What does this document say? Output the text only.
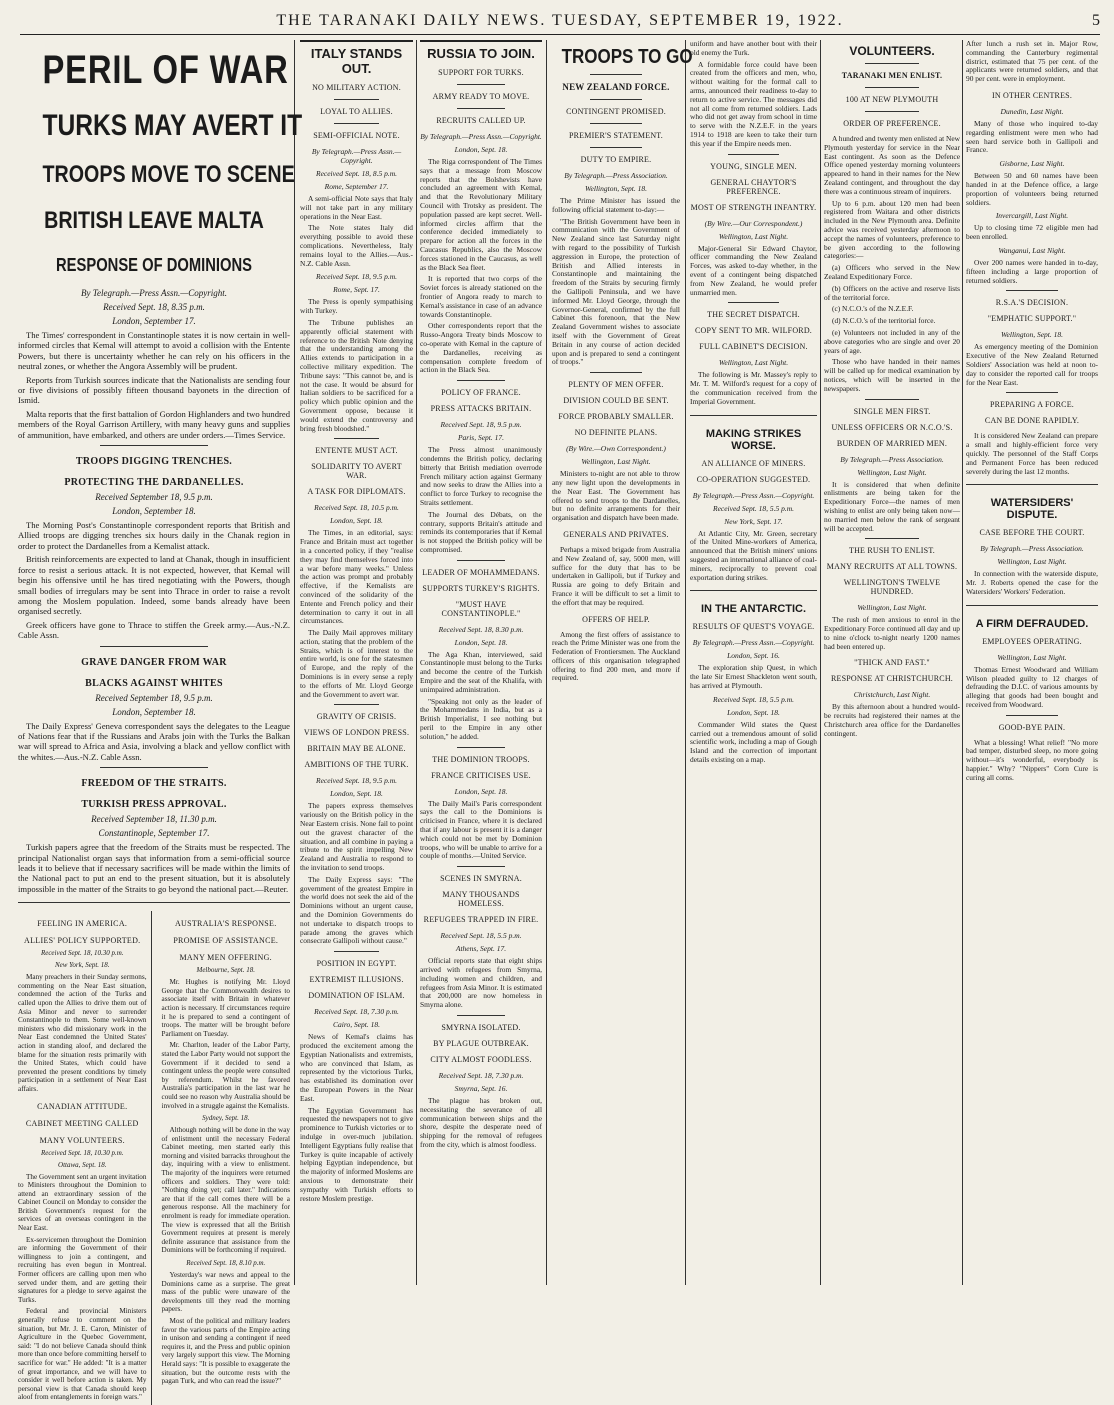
THE TARANAKI DAILY NEWS. TUESDAY, SEPTEMBER 19, 1922.	5
PERIL OF WAR
TURKS MAY AVERT IT
TROOPS MOVE TO SCENE
BRITISH LEAVE MALTA
RESPONSE OF DOMINIONS
By Telegraph.—Press Assn.—Copyright.
Received Sept. 18, 8.35 p.m.
London, September 17.

The Times' correspondent in Constantinople states it is now certain in well-informed circles that Kemal will attempt to avoid a collision with the Entente Powers, but there is uncertainty whether he can rely on his officers in the neutral zones, or whether the Angora Assembly will be prudent.

Reports from Turkish sources indicate that the Nationalists are sending four or five divisions of possibly fifteen thousand bayonets in the direction of Ismid.

Malta reports that the first battalion of Gordon Highlanders and two hundred members of the Royal Garrison Artillery, with many heavy guns and supplies of ammunition, have embarked, and others are under orders.—Times Service.

TROOPS DIGGING TRENCHES.
PROTECTING THE DARDANELLES.
Received September 18, 9.5 p.m.
London, September 18.

The Morning Post's Constantinople correspondent reports that British and Allied troops are digging trenches six hours daily in the Chanak region in order to protect the Dardanelles from a Kemalist attack.

British reinforcements are expected to land at Chanak, though in insufficient force to resist a serious attack. It is not expected, however, that Kemal will begin his offensive until he has tired negotiating with the Powers, though small bodies of irregulars may be sent into Thrace in order to raise a revolt among the Moslem population. Indeed, some bands already have been organised secretly.

Greek officers have gone to Thrace to stiffen the Greek army.—Aus.-N.Z. Cable Assn.

GRAVE DANGER FROM WAR
BLACKS AGAINST WHITES
Received September 18, 9.5 p.m.
London, September 18.

The Daily Express' Geneva correspondent says the delegates to the League of Nations fear that if the Russians and Arabs join with the Turks the Balkan war will spread to Africa and Asia, involving a black and yellow conflict with the whites.—Aus.-N.Z. Cable Assn.

FREEDOM OF THE STRAITS.
TURKISH PRESS APPROVAL.
Received September 18, 11.30 p.m.
Constantinople, September 17.

Turkish papers agree that the freedom of the Straits must be respected. The principal Nationalist organ says that information from a semi-official source leads it to believe that if necessary sacrifices will be made within the limits of the National pact to put an end to the present situation, but it is absolutely impossible in the matter of the Straits to go beyond the national pact.—Reuter.

FEELING IN AMERICA.
ALLIES' POLICY SUPPORTED.
Received Sept. 18, 10.30 p.m.
New York, Sept. 18.

Many preachers in their Sunday sermons, commenting on the Near East situation, condemned the action of the Turks and called upon the Allies to drive them out of Asia Minor and never to surrender Constantinople to them. Some well-known ministers who did missionary work in the Near East condemned the United States' action in standing aloof, and declared the blame for the situation rests primarily with the United States, which could have prevented the present conditions by timely participation in a settlement of Near East affairs.

CANADIAN ATTITUDE.
CABINET MEETING CALLED
MANY VOLUNTEERS.
Received Sept. 18, 10.30 p.m.
Ottawa, Sept. 18.

The Government sent an urgent invitation to Ministers throughout the Dominion to attend an extraordinary session of the Cabinet Council on Monday to consider the British Government's request for the services of an overseas contingent in the Near East.

Ex-servicemen throughout the Dominion are informing the Government of their willingness to join a contingent, and recruiting has even begun in Montreal. Former officers are calling upon men who served under them, and are getting their signatures for a pledge to serve against the Turks.

Federal and provincial Ministers generally refuse to comment on the situation, but Mr. J. E. Caron, Minister of Agriculture in the Quebec Government, said: "I do not believe Canada should think more than once before committing herself to sacrifice for war." He added: "It is a matter of great importance, and we will have to consider it well before action is taken. My personal view is that Canada should keep aloof from entanglements in foreign wars."

AUSTRALIA'S RESPONSE.
PROMISE OF ASSISTANCE.
MANY MEN OFFERING.
Melbourne, Sept. 18.

Mr. Hughes is notifying Mr. Lloyd George that the Commonwealth desires to associate itself with Britain in whatever action is necessary. If circumstances require it he is prepared to send a contingent of troops. The matter will be brought before Parliament on Tuesday.

Mr. Charlton, leader of the Labor Party, stated the Labor Party would not support the Government if it decided to send a contingent unless the people were consulted by referendum. Whilst he favored Australia's participation in the last war he could see no reason why Australia should be involved in a struggle against the Kemalists.

Sydney, Sept. 18.

Although nothing will be done in the way of enlistment until the necessary Federal Cabinet meeting, men started early this morning and visited barracks throughout the day, inquiring with a view to enlistment. The majority of the inquirers were returned officers and soldiers. They were told: "Nothing doing yet; call later." Indications are that if the call comes there will be a generous response. All the machinery for enrolment is ready for immediate operation. The view is expressed that all the British Government requires at present is merely definite assurance that assistance from the Dominions will be forthcoming if required.

Received Sept. 18, 8.10 p.m.

Yesterday's war news and appeal to the Dominions came as a surprise. The great mass of the public were unaware of the developments till they read the morning papers.

Most of the political and military leaders favor the various parts of the Empire acting in unison and sending a contingent if need requires it, and the Press and public opinion very largely support this view. The Morning Herald says: "It is possible to exaggerate the situation, but the outcome rests with the pagan Turk, and who can read the issue?"

ITALY STANDS OUT.
NO MILITARY ACTION.
LOYAL TO ALLIES.
SEMI-OFFICIAL NOTE.
By Telegraph.—Press Assn.—Copyright.
Received Sept. 18, 8.5 p.m.
Rome, September 17.

A semi-official Note says that Italy will not take part in any military operations in the Near East.

The Note states Italy did everything possible to avoid these complications. Nevertheless, Italy remains loyal to the Allies.—Aus.-N.Z. Cable Assn.

Received Sept. 18, 9.5 p.m.
Rome, Sept. 17.

The Press is openly sympathising with Turkey.

The Tribune publishes an apparently official statement with reference to the British Note denying that the understanding among the Allies extends to participation in a collective military expedition. The Tribune says: "This cannot be, and is not the case. It would be absurd for Italian soldiers to be sacrificed for a policy which public opinion and the Government oppose, because it would extend the controversy and bring fresh bloodshed."

ENTENTE MUST ACT.
SOLIDARITY TO AVERT WAR.
A TASK FOR DIPLOMATS.
Received Sept. 18, 10.5 p.m.
London, Sept. 18.

The Times, in an editorial, says: France and Britain must act together in a concerted policy, if they "realise they may find themselves forced into a war before many weeks." Unless the action was prompt and probably effective, if the Kemalists are convinced of the solidarity of the Entente and French policy and their determination to carry it out in all circumstances.

The Daily Mail approves military action, stating that the problem of the Straits, which is of interest to the entire world, is one for the statesmen of Europe, and the reply of the Dominions is in every sense a reply to the efforts of Mr. Lloyd George and the Government to avert war.

GRAVITY OF CRISIS.
VIEWS OF LONDON PRESS.
BRITAIN MAY BE ALONE.
AMBITIONS OF THE TURK.
Received Sept. 18, 9.5 p.m.
London, Sept. 18.

The papers express themselves variously on the British policy in the Near Eastern crisis. None fail to point out the gravest character of the situation, and all combine in paying a tribute to the spirit impelling New Zealand and Australia to respond to the invitation to send troops.

The Daily Express says: "The government of the greatest Empire in the world does not seek the aid of the Dominions without an urgent cause, and the Dominion Governments do not undertake to dispatch troops to parade among the graves which consecrate Gallipoli without cause."

POSITION IN EGYPT.
EXTREMIST ILLUSIONS.
DOMINATION OF ISLAM.
Received Sept. 18, 7.30 p.m.
Cairo, Sept. 18.

News of Kemal's claims has produced the excitement among the Egyptian Nationalists and extremists, who are convinced that Islam, as represented by the victorious Turks, has established its domination over the European Powers in the Near East.

The Egyptian Government has requested the newspapers not to give prominence to Turkish victories or to indulge in over-much jubilation. Intelligent Egyptians fully realise that Turkey is quite incapable of actively helping Egyptian independence, but the majority of informed Moslems are anxious to demonstrate their sympathy with Turkish efforts to restore Moslem prestige.

RUSSIA TO JOIN.
SUPPORT FOR TURKS.
ARMY READY TO MOVE.
RECRUITS CALLED UP.
By Telegraph.—Press Assn.—Copyright.
London, Sept. 18.

The Riga correspondent of The Times says that a message from Moscow reports that the Bolshevists have concluded an agreement with Kemal, and that the Revolutionary Military Council with Trotsky as president. The population passed are kept secret. Well-informed circles affirm that the conference decided immediately to prepare for action all the forces in the Caucasus Republics, also the Moscow forces stationed in the Caucasus, as well as the Black Sea fleet.

It is reported that two corps of the Soviet forces is already stationed on the frontier of Angora ready to march to Kemal's assistance in case of an advance towards Constantinople.

Other correspondents report that the Russo-Angora Treaty binds Moscow to co-operate with Kemal in the capture of the Dardanelles, receiving as compensation complete freedom of action in the Black Sea.

POLICY OF FRANCE.
PRESS ATTACKS BRITAIN.
Received Sept. 18, 9.5 p.m.
Paris, Sept. 17.

The Press almost unanimously condemns the British policy, declaring bitterly that British mediation overrode French military action against Germany and now seeks to draw the Allies into a conflict to force Turkey to recognise the Straits settlement.

The Journal des Débats, on the contrary, supports Britain's attitude and reminds its contemporaries that if Kemal is not stopped the British policy will be compromised.

LEADER OF MOHAMMEDANS.
SUPPORTS TURKEY'S RIGHTS.
"MUST HAVE CONSTANTINOPLE."
Received Sept. 18, 8.30 p.m.
London, Sept. 18.

The Aga Khan, interviewed, said Constantinople must belong to the Turks and become the centre of the Turkish Empire and the seat of the Khalifa, with unimpaired administration.

"Speaking not only as the leader of the Mohammedans in India, but as a British Imperialist, I see nothing but peril to the Empire in any other solution," he added.

THE DOMINION TROOPS.
FRANCE CRITICISES USE.
London, Sept. 18.

The Daily Mail's Paris correspondent says the call to the Dominions is criticised in France, where it is declared that if any labour is present it is a danger which could not be met by Dominion troops, who will be unable to arrive for a couple of months.—United Service.

SCENES IN SMYRNA.
MANY THOUSANDS HOMELESS.
REFUGEES TRAPPED IN FIRE.
Received Sept. 18, 5.5 p.m.
Athens, Sept. 17.

Official reports state that eight ships arrived with refugees from Smyrna, including women and children, and refugees from Asia Minor. It is estimated that 200,000 are now homeless in Smyrna alone.

SMYRNA ISOLATED.
BY PLAGUE OUTBREAK.
CITY ALMOST FOODLESS.
Received Sept. 18, 7.30 p.m.
Smyrna, Sept. 16.

The plague has broken out, necessitating the severance of all communication between ships and the shore, despite the desperate need of shipping for the removal of refugees from the city, which is almost foodless.

TROOPS TO GO
NEW ZEALAND FORCE.
CONTINGENT PROMISED.
PREMIER'S STATEMENT.
DUTY TO EMPIRE.
By Telegraph.—Press Association.
Wellington, Sept. 18.

The Prime Minister has issued the following official statement to-day:—

"The British Government have been in communication with the Government of New Zealand since last Saturday night with regard to the possibility of Turkish aggression in Europe, the protection of British and Allied interests in Constantinople and maintaining the freedom of the Straits by securing firmly the Gallipoli Peninsula, and we have informed Mr. Lloyd George, through the Governor-General, confirmed by the full Cabinet this forenoon, that the New Zealand Government wishes to associate itself with the Government of Great Britain in any course of action decided upon and is prepared to send a contingent of troops."

PLENTY OF MEN OFFER.
DIVISION COULD BE SENT.
FORCE PROBABLY SMALLER.
NO DEFINITE PLANS.
(By Wire.—Own Correspondent.)
Wellington, Last Night.

Ministers to-night are not able to throw any new light upon the developments in the Near East. The Government has offered to send troops to the Dardanelles, but no definite arrangements for their organisation and dispatch have been made.

GENERALS AND PRIVATES.

Perhaps a mixed brigade from Australia and New Zealand of, say, 5000 men, will suffice for the duty that has to be undertaken in Gallipoli, but if Turkey and Russia are going to defy Britain and France it will be difficult to set a limit to the effort that may be required.

OFFERS OF HELP.

Among the first offers of assistance to reach the Prime Minister was one from the Federation of Frontiersmen. The Auckland officers of this organisation telegraphed offering to find 200 men, and more if required.

uniform and have another bout with their old enemy the Turk.

A formidable force could have been created from the officers and men, who, without waiting for the formal call to arms, announced their readiness to-day to return to active service. The messages did not all come from returned soldiers. Lads who did not get away from school in time to serve with the N.Z.E.F. in the years 1914 to 1918 are keen to take their turn this year if the Empire needs men.

YOUNG, SINGLE MEN.
GENERAL CHAYTOR'S PREFERENCE.
MOST OF STRENGTH INFANTRY.
(By Wire.—Our Correspondent.)
Wellington, Last Night.

Major-General Sir Edward Chaytor, officer commanding the New Zealand Forces, was asked to-day whether, in the event of a contingent being dispatched from New Zealand, he would prefer unmarried men.

THE SECRET DISPATCH.
COPY SENT TO MR. WILFORD.
FULL CABINET'S DECISION.
Wellington, Last Night.

The following is Mr. Massey's reply to Mr. T. M. Wilford's request for a copy of the communication received from the Imperial Government.

MAKING STRIKES WORSE.
AN ALLIANCE OF MINERS.
CO-OPERATION SUGGESTED.
By Telegraph.—Press Assn.—Copyright.
Received Sept. 18, 5.5 p.m.
New York, Sept. 17.

At Atlantic City, Mr. Green, secretary of the United Mine-workers of America, announced that the British miners' unions suggested an international alliance of coal-miners, reciprocally to prevent coal exportation during strikes.

IN THE ANTARCTIC.
RESULTS OF QUEST'S VOYAGE.
By Telegraph.—Press Assn.—Copyright.
London, Sept. 16.

The exploration ship Quest, in which the late Sir Ernest Shackleton went south, has arrived at Plymouth.

Received Sept. 18, 5.5 p.m.
London, Sept. 18.

Commander Wild states the Quest carried out a tremendous amount of solid scientific work, including a map of Gough Island and the correction of important details existing on a map.

VOLUNTEERS.
TARANAKI MEN ENLIST.
100 AT NEW PLYMOUTH
ORDER OF PREFERENCE.

A hundred and twenty men enlisted at New Plymouth yesterday for service in the Near East contingent. As soon as the Defence Office opened yesterday morning volunteers appeared to hand in their names for the New Zealand contingent, and throughout the day there was a continuous stream of inquirers.

Up to 6 p.m. about 120 men had been registered from Waitara and other districts included in the New Plymouth area. Definite advice was received yesterday afternoon to accept the names of volunteers, preference to be given according to the following categories:—

(a) Officers who served in the New Zealand Expeditionary Force.

(b) Officers on the active and reserve lists of the territorial force.

(c) N.C.O.'s of the N.Z.E.F.

(d) N.C.O.'s of the territorial force.

(e) Volunteers not included in any of the above categories who are single and over 20 years of age.

Those who have handed in their names will be called up for medical examination by notices, which will be inserted in the newspapers.

SINGLE MEN FIRST.
UNLESS OFFICERS OR N.C.O.'S.
BURDEN OF MARRIED MEN.
By Telegraph.—Press Association.
Wellington, Last Night.

It is considered that when definite enlistments are being taken for the Expeditionary Force—the names of men wishing to enlist are only being taken now—no married men below the rank of sergeant will be accepted.

THE RUSH TO ENLIST.
MANY RECRUITS AT ALL TOWNS.
WELLINGTON'S TWELVE HUNDRED.
Wellington, Last Night.

The rush of men anxious to enrol in the Expeditionary Force continued all day and up to nine o'clock to-night nearly 1200 names had been entered up.

"THICK AND FAST."
RESPONSE AT CHRISTCHURCH.
Christchurch, Last Night.

By this afternoon about a hundred would-be recruits had registered their names at the Christchurch area office for the Dardanelles contingent.

After lunch a rush set in. Major Row, commanding the Canterbury regimental district, estimated that 75 per cent. of the applicants were returned soldiers, and that 90 per cent. were in employment.

IN OTHER CENTRES.
Dunedin, Last Night.

Many of those who inquired to-day regarding enlistment were men who had seen hard service both in Gallipoli and France.

Gisborne, Last Night.

Between 50 and 60 names have been handed in at the Defence office, a large proportion of volunteers being returned soldiers.

Invercargill, Last Night.

Up to closing time 72 eligible men had been enrolled.

Wanganui, Last Night.

Over 200 names were handed in to-day, fifteen including a large proportion of returned soldiers.

R.S.A.'S DECISION.
"EMPHATIC SUPPORT."
Wellington, Sept. 18.

As emergency meeting of the Dominion Executive of the New Zealand Returned Soldiers' Association was held at noon to-day to consider the reported call for troops for the Near East.

PREPARING A FORCE.
CAN BE DONE RAPIDLY.

It is considered New Zealand can prepare a small and highly-efficient force very quickly. The personnel of the Staff Corps and Permanent Force has been reduced severely during the last 12 months.

WATERSIDERS' DISPUTE.
CASE BEFORE THE COURT.
By Telegraph.—Press Association.
Wellington, Last Night.

In connection with the waterside dispute, Mr. J. Roberts opened the case for the Watersiders' Workers' Federation.

A FIRM DEFRAUDED.
EMPLOYEES OPERATING.
Wellington, Last Night.

Thomas Ernest Woodward and William Wilson pleaded guilty to 12 charges of defrauding the D.I.C. of various amounts by alleging that goods had been bought and received from Woodward.

GOOD-BYE PAIN.

What a blessing! What relief! "No more bad temper, disturbed sleep, no more going without—it's wonderful, everybody is happier." Why? "Nippers" Corn Cure is curing all corns.
